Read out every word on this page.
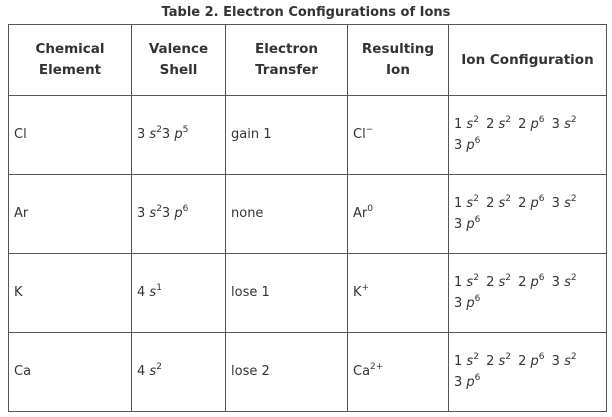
Table 2. Electron Configurations of Ions
Chemical Element	Valence Shell	Electron Transfer	Resulting Ion	Ion Configuration
Cl	3 $s^23$ $p^5$	gain 1	Cl−	1 $s^2$ 2 $s^2$ 2 $p^6$ 3 $s^2$
3 $p^6$
Ar	3 $s^23$ $p^6$	none	Ar$^0$	1 $s^2$ 2 $s^2$ 2 $p^6$ 3 $s^2$
3 $p^6$
K	4 $s^1$	lose 1	K+	1 $s^2$ 2 $s^2$ 2 $p^6$ 3 $s^2$
3 $p^6$
Ca	4 $s^2$	lose 2	$Ca^{2+}$	1 $s^2$ 2 $s^2$ 2 $p^6$ 3 $s^2$
3 $p^6$
